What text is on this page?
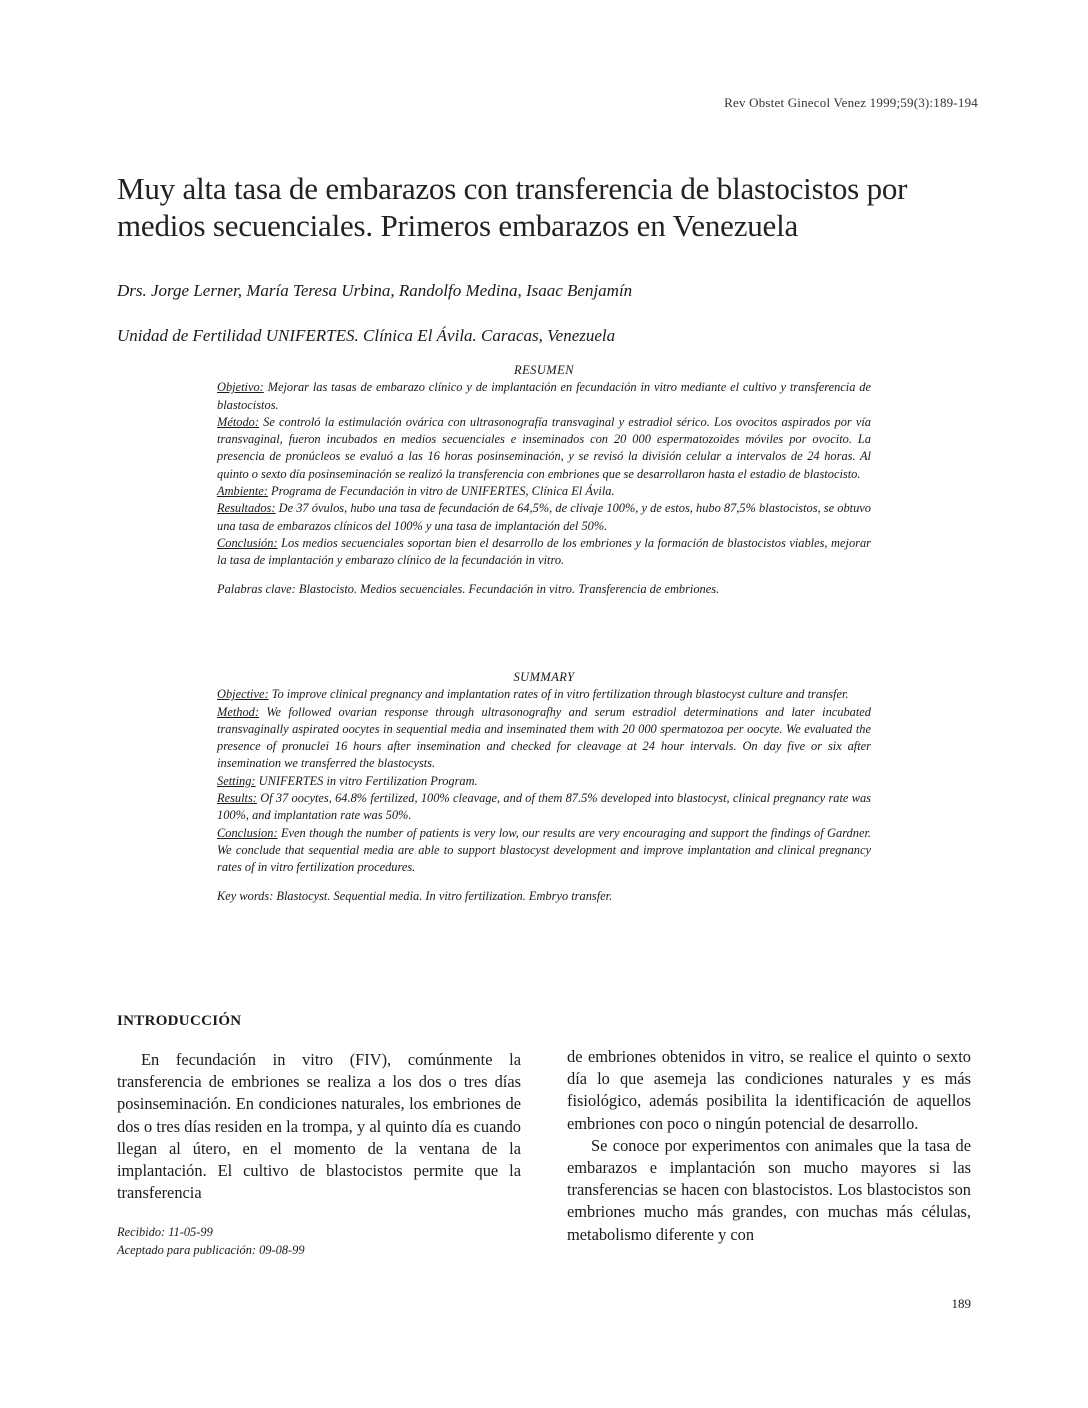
Rev Obstet Ginecol Venez 1999;59(3):189-194
Muy alta tasa de embarazos con transferencia de blastocistos por medios secuenciales. Primeros embarazos en Venezuela
Drs. Jorge Lerner, María Teresa Urbina, Randolfo Medina, Isaac Benjamín
Unidad de Fertilidad UNIFERTES. Clínica El Ávila. Caracas, Venezuela
RESUMEN

Objetivo: Mejorar las tasas de embarazo clínico y de implantación en fecundación in vitro mediante el cultivo y transferencia de blastocistos.

Método: Se controló la estimulación ovárica con ultrasonografía transvaginal y estradiol sérico. Los ovocitos aspirados por vía transvaginal, fueron incubados en medios secuenciales e inseminados con 20 000 espermatozoides móviles por ovocito. La presencia de pronúcleos se evaluó a las 16 horas posinseminación, y se revisó la división celular a intervalos de 24 horas. Al quinto o sexto día posinseminación se realizó la transferencia con embriones que se desarrollaron hasta el estadio de blastocisto.

Ambiente: Programa de Fecundación in vitro de UNIFERTES, Clínica El Ávila.

Resultados: De 37 óvulos, hubo una tasa de fecundación de 64,5%, de clivaje 100%, y de estos, hubo 87,5% blastocistos, se obtuvo una tasa de embarazos clínicos del 100% y una tasa de implantación del 50%.

Conclusión: Los medios secuenciales soportan bien el desarrollo de los embriones y la formación de blastocistos viables, mejorar la tasa de implantación y embarazo clínico de la fecundación in vitro.

Palabras clave: Blastocisto. Medios secuenciales. Fecundación in vitro. Transferencia de embriones.

SUMMARY

Objective: To improve clinical pregnancy and implantation rates of in vitro fertilization through blastocyst culture and transfer.

Method: We followed ovarian response through ultrasonografhy and serum estradiol determinations and later incubated transvaginally aspirated oocytes in sequential media and inseminated them with 20 000 spermatozoa per oocyte. We evaluated the presence of pronuclei 16 hours after insemination and checked for cleavage at 24 hour intervals. On day five or six after insemination we transferred the blastocysts.

Setting: UNIFERTES in vitro Fertilization Program.

Results: Of 37 oocytes, 64.8% fertilized, 100% cleavage, and of them 87.5% developed into blastocyst, clinical pregnancy rate was 100%, and implantation rate was 50%.

Conclusion: Even though the number of patients is very low, our results are very encouraging and support the findings of Gardner. We conclude that sequential media are able to support blastocyst development and improve implantation and clinical pregnancy rates of in vitro fertilization procedures.

Key words: Blastocyst. Sequential media. In vitro fertilization. Embryo transfer.

INTRODUCCIÓN

En fecundación in vitro (FIV), comúnmente la transferencia de embriones se realiza a los dos o tres días posinseminación. En condiciones naturales, los embriones de dos o tres días residen en la trompa, y al quinto día es cuando llegan al útero, en el momento de la ventana de la implantación. El cultivo de blastocistos permite que la transferencia

de embriones obtenidos in vitro, se realice el quinto o sexto día lo que asemeja las condiciones naturales y es más fisiológico, además posibilita la identificación de aquellos embriones con poco o ningún potencial de desarrollo.

Se conoce por experimentos con animales que la tasa de embarazos e implantación son mucho mayores si las transferencias se hacen con blastocistos. Los blastocistos son embriones mucho más grandes, con muchas más células, metabolismo diferente y con

Recibido: 11-05-99
Aceptado para publicación: 09-08-99
189
